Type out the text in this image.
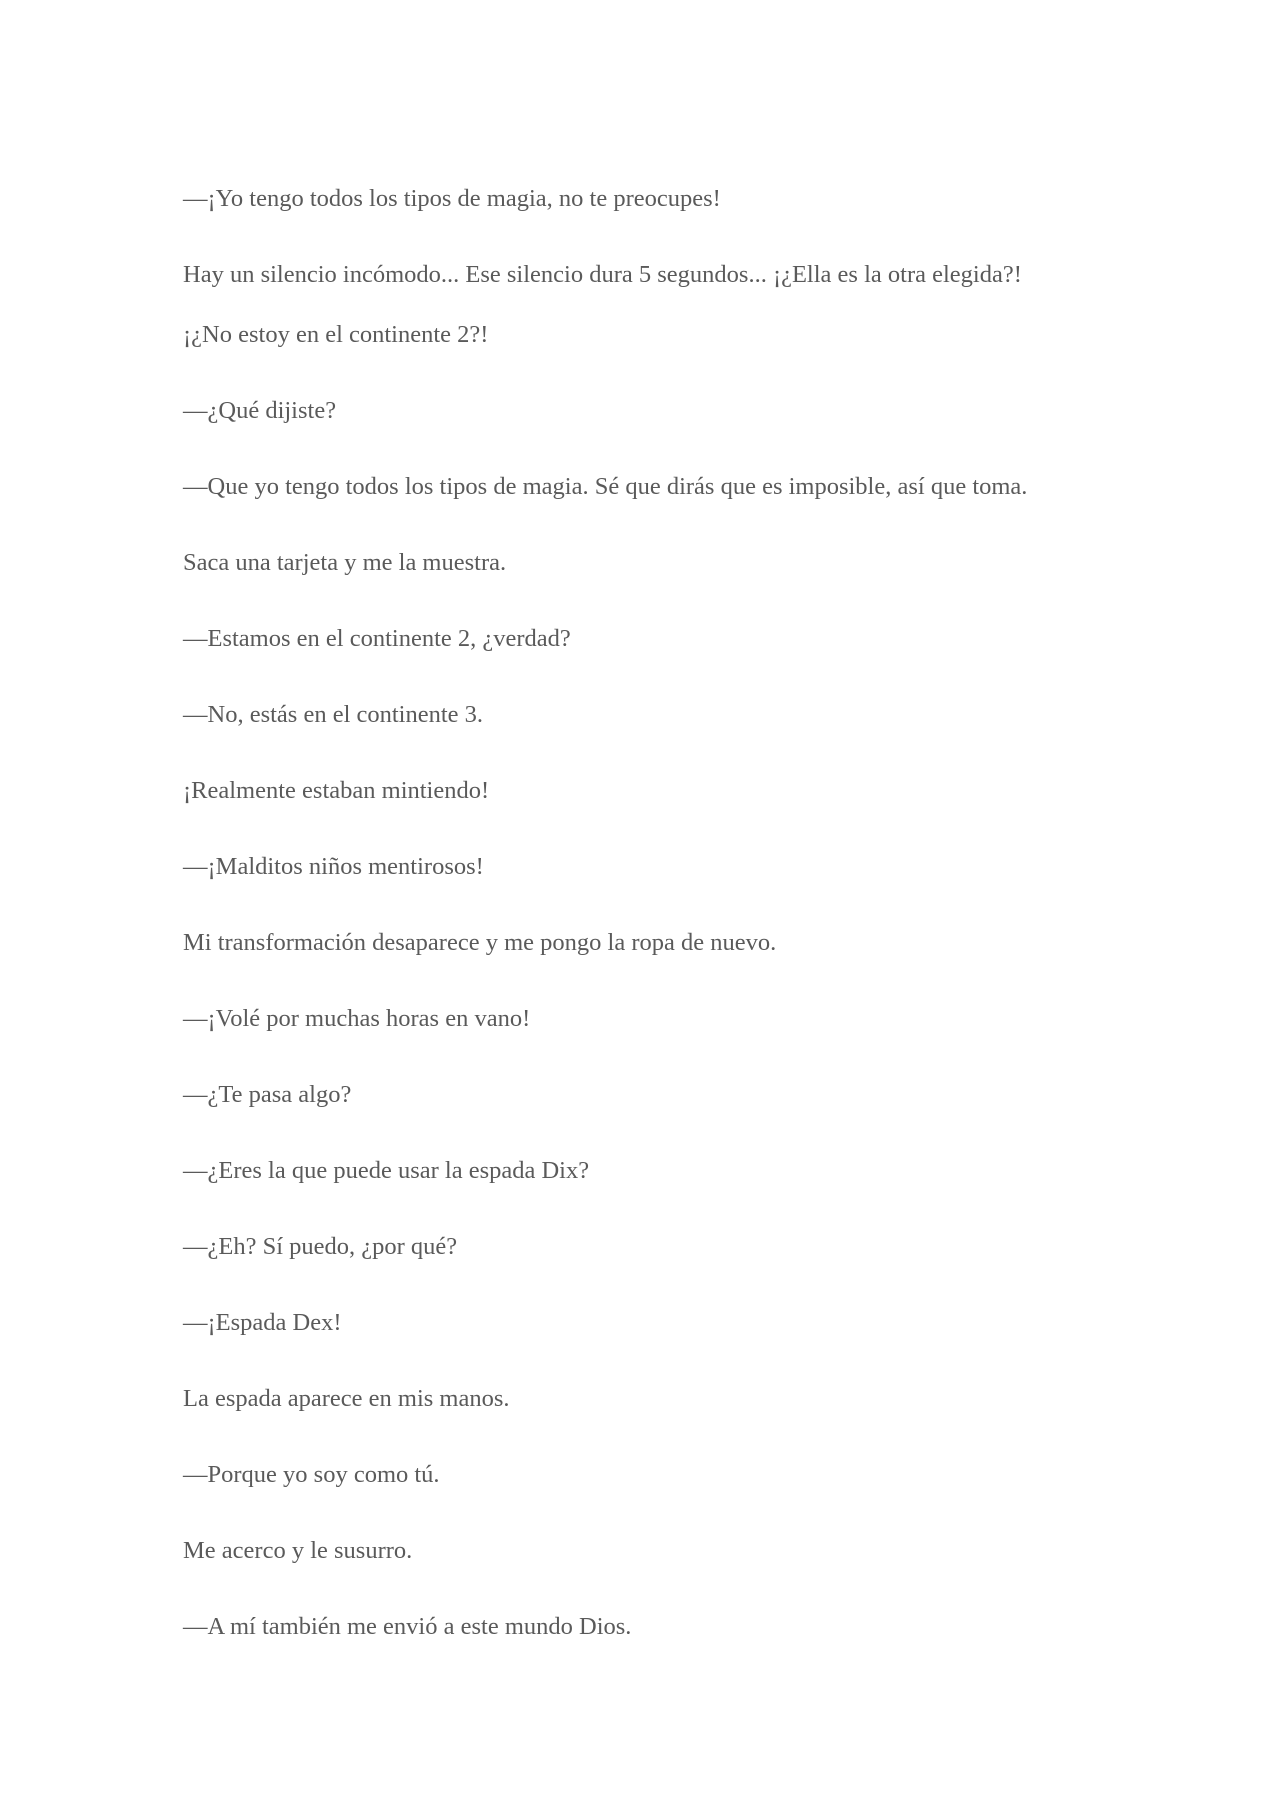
—¡Yo tengo todos los tipos de magia, no te preocupes!

Hay un silencio incómodo... Ese silencio dura 5 segundos... ¡¿Ella es la otra elegida?!

¡¿No estoy en el continente 2?!

—¿Qué dijiste?

—Que yo tengo todos los tipos de magia. Sé que dirás que es imposible, así que toma.

Saca una tarjeta y me la muestra.

—Estamos en el continente 2, ¿verdad?

—No, estás en el continente 3.

¡Realmente estaban mintiendo!

—¡Malditos niños mentirosos!

Mi transformación desaparece y me pongo la ropa de nuevo.

—¡Volé por muchas horas en vano!

—¿Te pasa algo?

—¿Eres la que puede usar la espada Dix?

—¿Eh? Sí puedo, ¿por qué?

—¡Espada Dex!

La espada aparece en mis manos.

—Porque yo soy como tú.

Me acerco y le susurro.

—A mí también me envió a este mundo Dios.
